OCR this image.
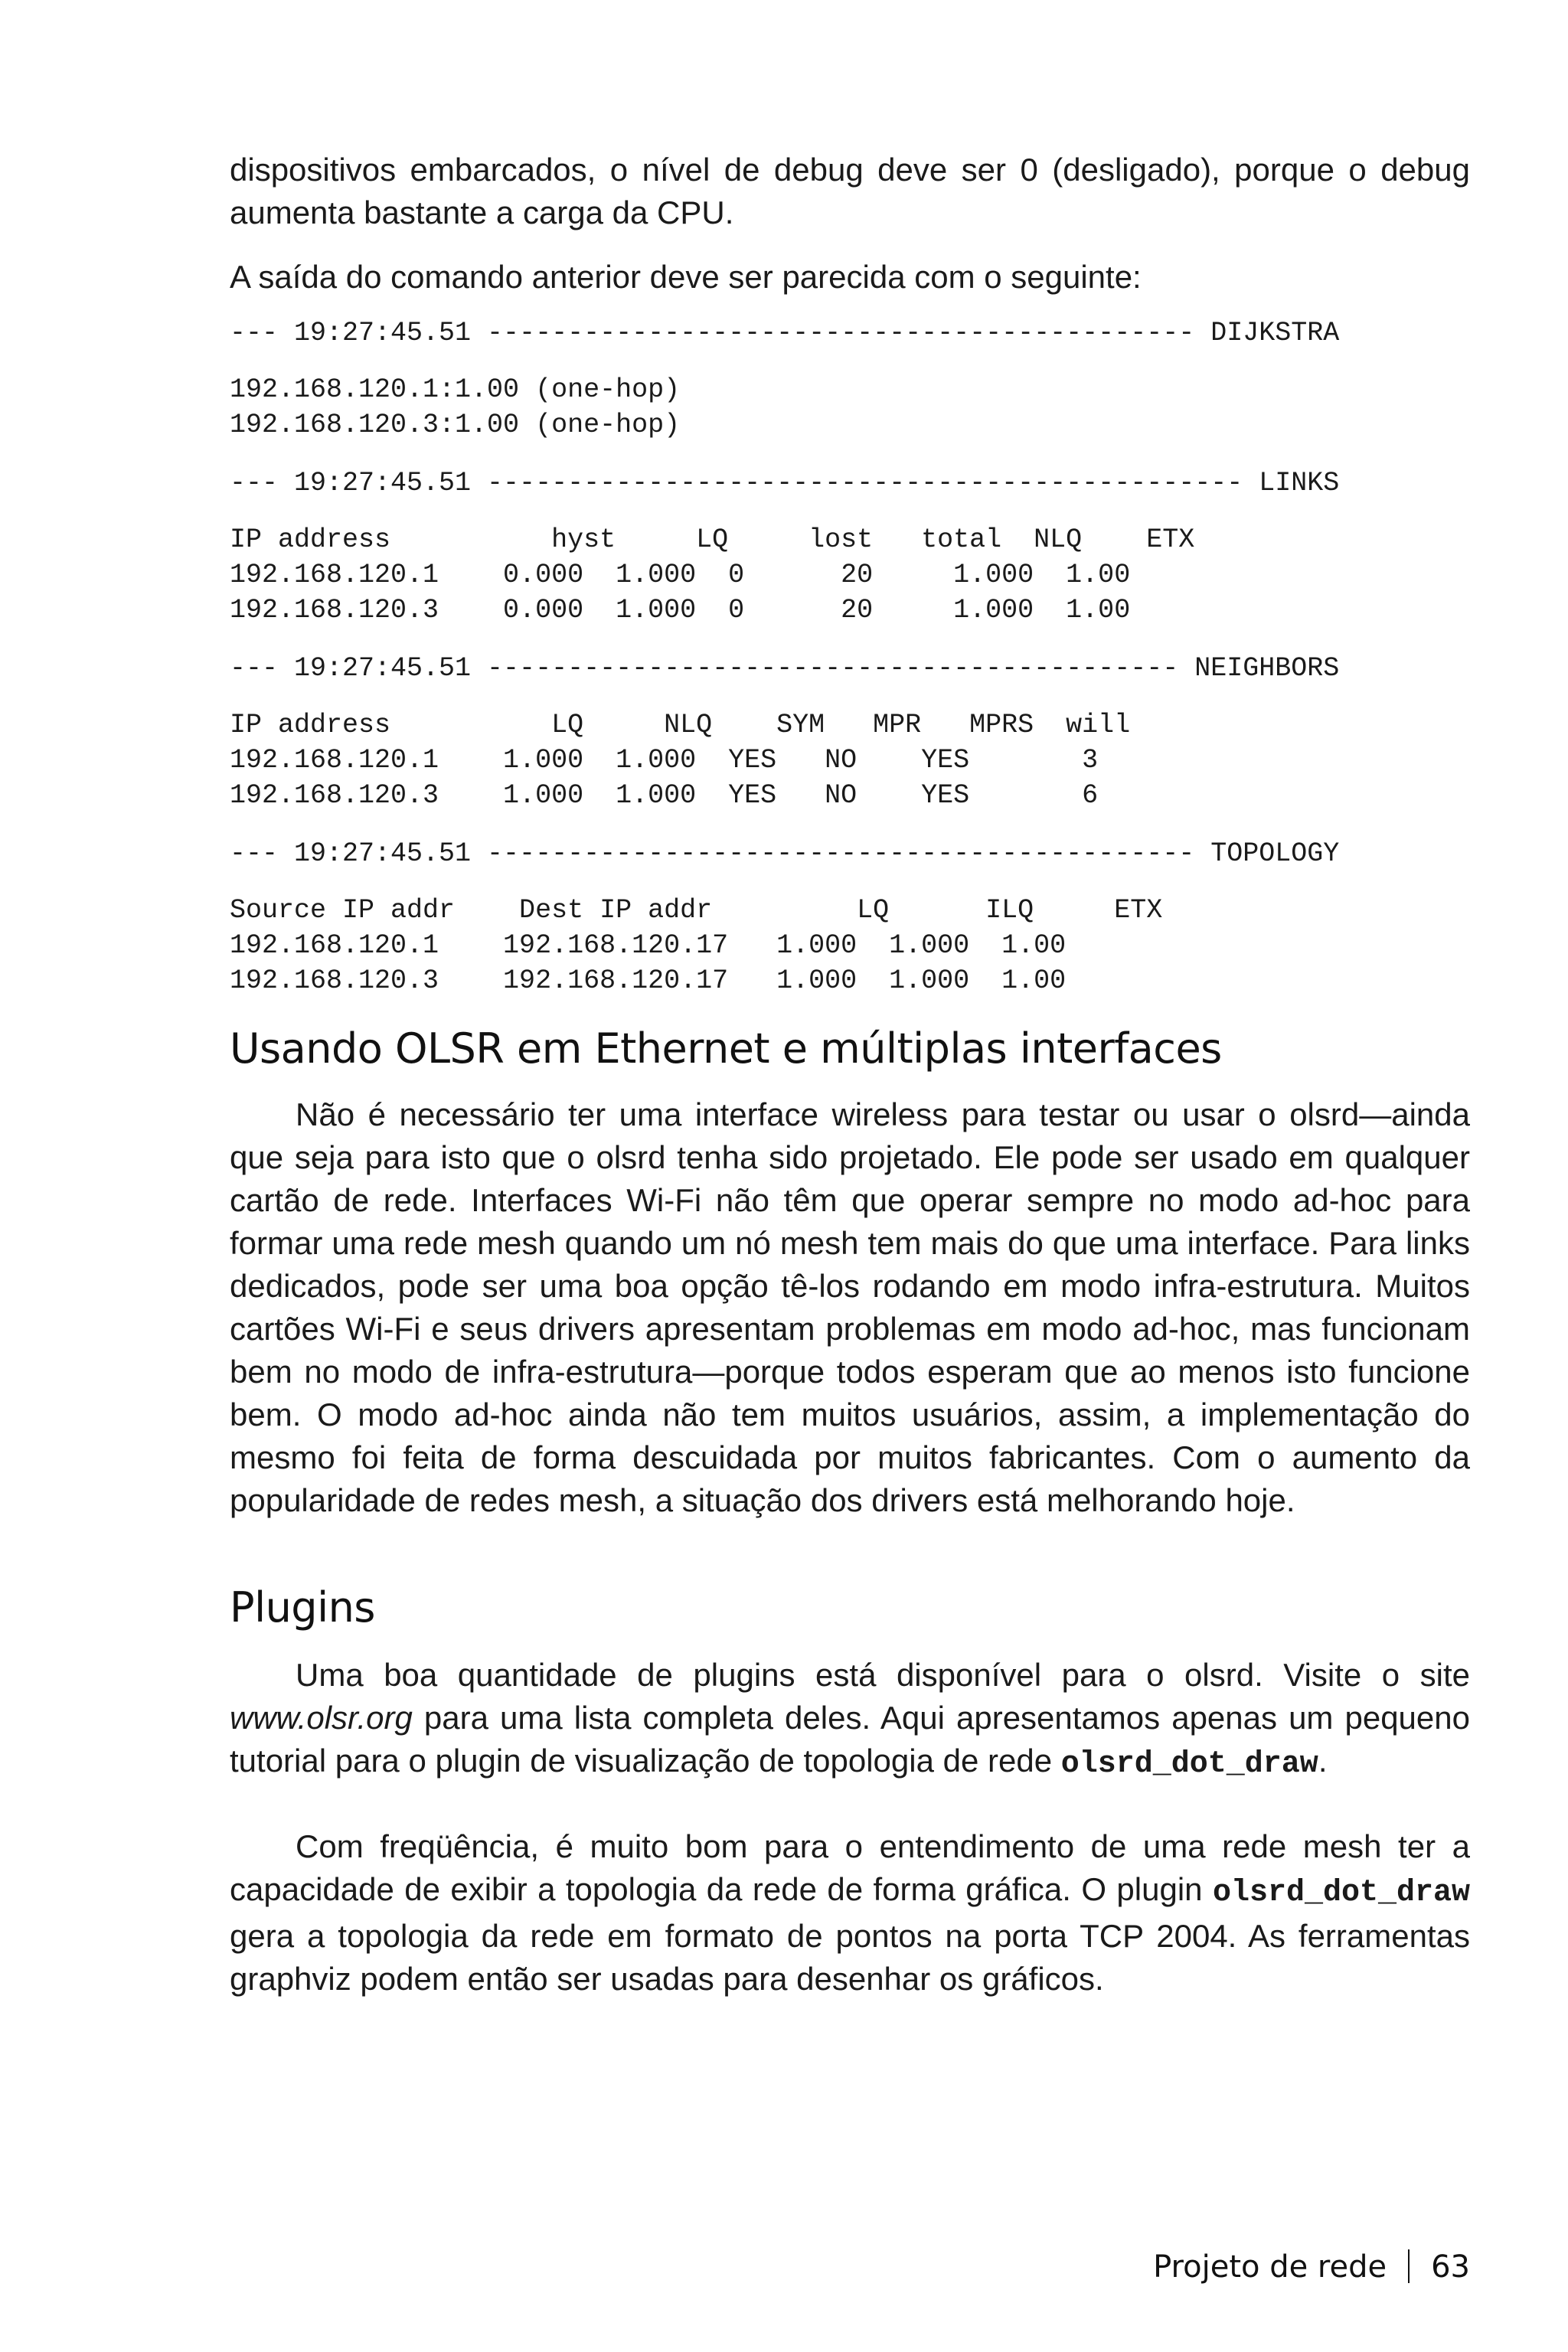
dispositivos embarcados, o nível de debug deve ser 0 (desligado), porque o debug aumenta bastante a carga da CPU.

A saída do comando anterior deve ser parecida com o seguinte:

--- 19:27:45.51 -------------------------------------------- DIJKSTRA
192.168.120.1:1.00 (one-hop)
192.168.120.3:1.00 (one-hop)
--- 19:27:45.51 ----------------------------------------------- LINKS
IP address          hyst     LQ     lost   total  NLQ    ETX
192.168.120.1    0.000  1.000  0      20     1.000  1.00
192.168.120.3    0.000  1.000  0      20     1.000  1.00
--- 19:27:45.51 ------------------------------------------- NEIGHBORS
IP address          LQ     NLQ    SYM   MPR   MPRS  will
192.168.120.1    1.000  1.000  YES   NO    YES       3
192.168.120.3    1.000  1.000  YES   NO    YES       6
--- 19:27:45.51 -------------------------------------------- TOPOLOGY
Source IP addr    Dest IP addr         LQ      ILQ     ETX
192.168.120.1    192.168.120.17   1.000  1.000  1.00
192.168.120.3    192.168.120.17   1.000  1.000  1.00
Usando OLSR em Ethernet e múltiplas interfaces

Não é necessário ter uma interface wireless para testar ou usar o olsrd—ainda que seja para isto que o olsrd tenha sido projetado. Ele pode ser usado em qualquer cartão de rede. Interfaces Wi-Fi não têm que operar sempre no modo ad-hoc para formar uma rede mesh quando um nó mesh tem mais do que uma interface. Para links dedicados, pode ser uma boa opção tê-los rodando em modo infra-estrutura. Muitos cartões Wi-Fi e seus drivers apresentam problemas em modo ad-hoc, mas funcionam bem no modo de infra-estrutura—porque todos esperam que ao menos isto funcione bem. O modo ad-hoc ainda não tem muitos usuários, assim, a implementação do mesmo foi feita de forma descuidada por muitos fabricantes. Com o aumento da popularidade de redes mesh, a situação dos drivers está melhorando hoje.

Plugins

Uma boa quantidade de plugins está disponível para o olsrd. Visite o site www.olsr.org para uma lista completa deles. Aqui apresentamos apenas um pequeno tutorial para o plugin de visualização de topologia de rede olsrd_dot_draw.

Com freqüência, é muito bom para o entendimento de uma rede mesh ter a capacidade de exibir a topologia da rede de forma gráfica. O plugin olsrd_dot_draw gera a topologia da rede em formato de pontos na porta TCP 2004. As ferramentas graphviz podem então ser usadas para desenhar os gráficos.

Projeto de rede 63
